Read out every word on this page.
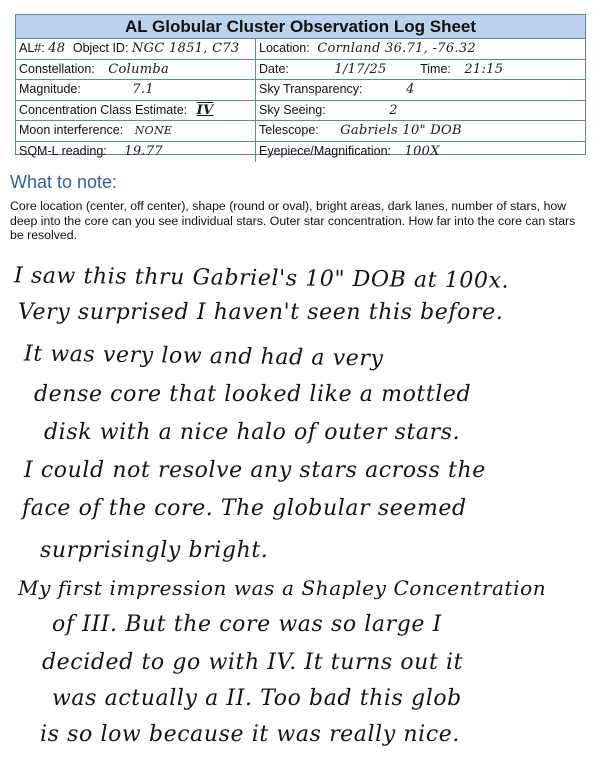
AL Globular Cluster Observation Log Sheet
AL#: 48 Object ID: NGC 1851, C73	Location: Cornland 36.71, -76.32
Constellation: Columba	Date:	1/17/25	Time: 21:15
Magnitude:	7.1	Sky Transparency:	4
Concentration Class Estimate: IV	Sky Seeing:	2
Moon interference: NONE	Telescope: Gabriels 10" DOB
SQM-L reading: 19.77	Eyepiece/Magnification: 100X
What to note:
Core location (center, off center), shape (round or oval), bright areas, dark lanes, number of stars, how deep into the core can you see individual stars. Outer star concentration. How far into the core can stars be resolved.
I saw this thru Gabriel's 10" DOB at 100x.
Very surprised I haven't seen this before.
It was very low and had a very
dense core that looked like a mottled
disk with a nice halo of outer stars.
I could not resolve any stars across the
face of the core. The globular seemed
surprisingly bright.
My first impression was a Shapley Concentration
of III. But the core was so large I
decided to go with IV. It turns out it
was actually a II. Too bad this glob
is so low because it was really nice.
